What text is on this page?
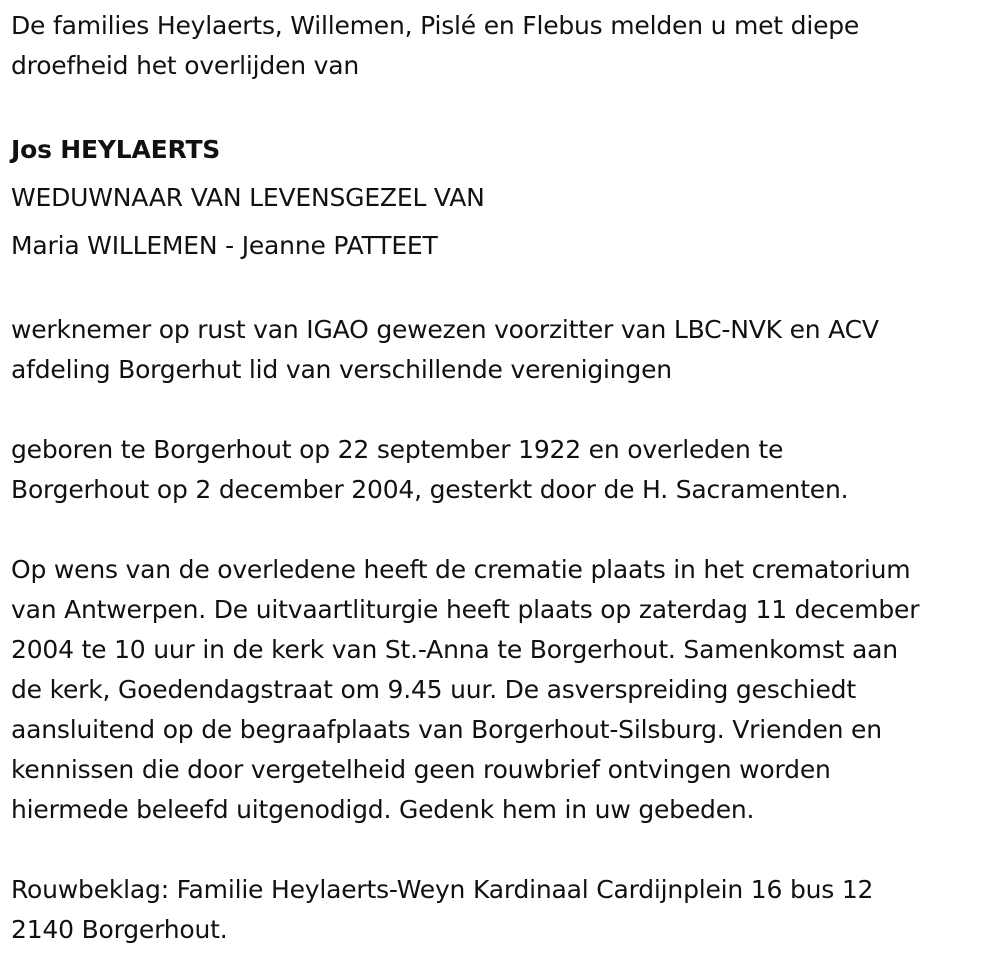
De families Heylaerts, Willemen, Pislé en Flebus melden u met diepe

droefheid het overlijden van

Jos HEYLAERTS

WEDUWNAAR VAN LEVENSGEZEL VAN

Maria WILLEMEN - Jeanne PATTEET

werknemer op rust van IGAO gewezen voorzitter van LBC-NVK en ACV

afdeling Borgerhut lid van verschillende verenigingen

geboren te Borgerhout op 22 september 1922 en overleden te

Borgerhout op 2 december 2004, gesterkt door de H. Sacramenten.

Op wens van de overledene heeft de crematie plaats in het crematorium

van Antwerpen. De uitvaartliturgie heeft plaats op zaterdag 11 december

2004 te 10 uur in de kerk van St.-Anna te Borgerhout. Samenkomst aan

de kerk, Goedendagstraat om 9.45 uur. De asverspreiding geschiedt

aansluitend op de begraafplaats van Borgerhout-Silsburg. Vrienden en

kennissen die door vergetelheid geen rouwbrief ontvingen worden

hiermede beleefd uitgenodigd. Gedenk hem in uw gebeden.

Rouwbeklag: Familie Heylaerts-Weyn Kardinaal Cardijnplein 16 bus 12

2140 Borgerhout.
